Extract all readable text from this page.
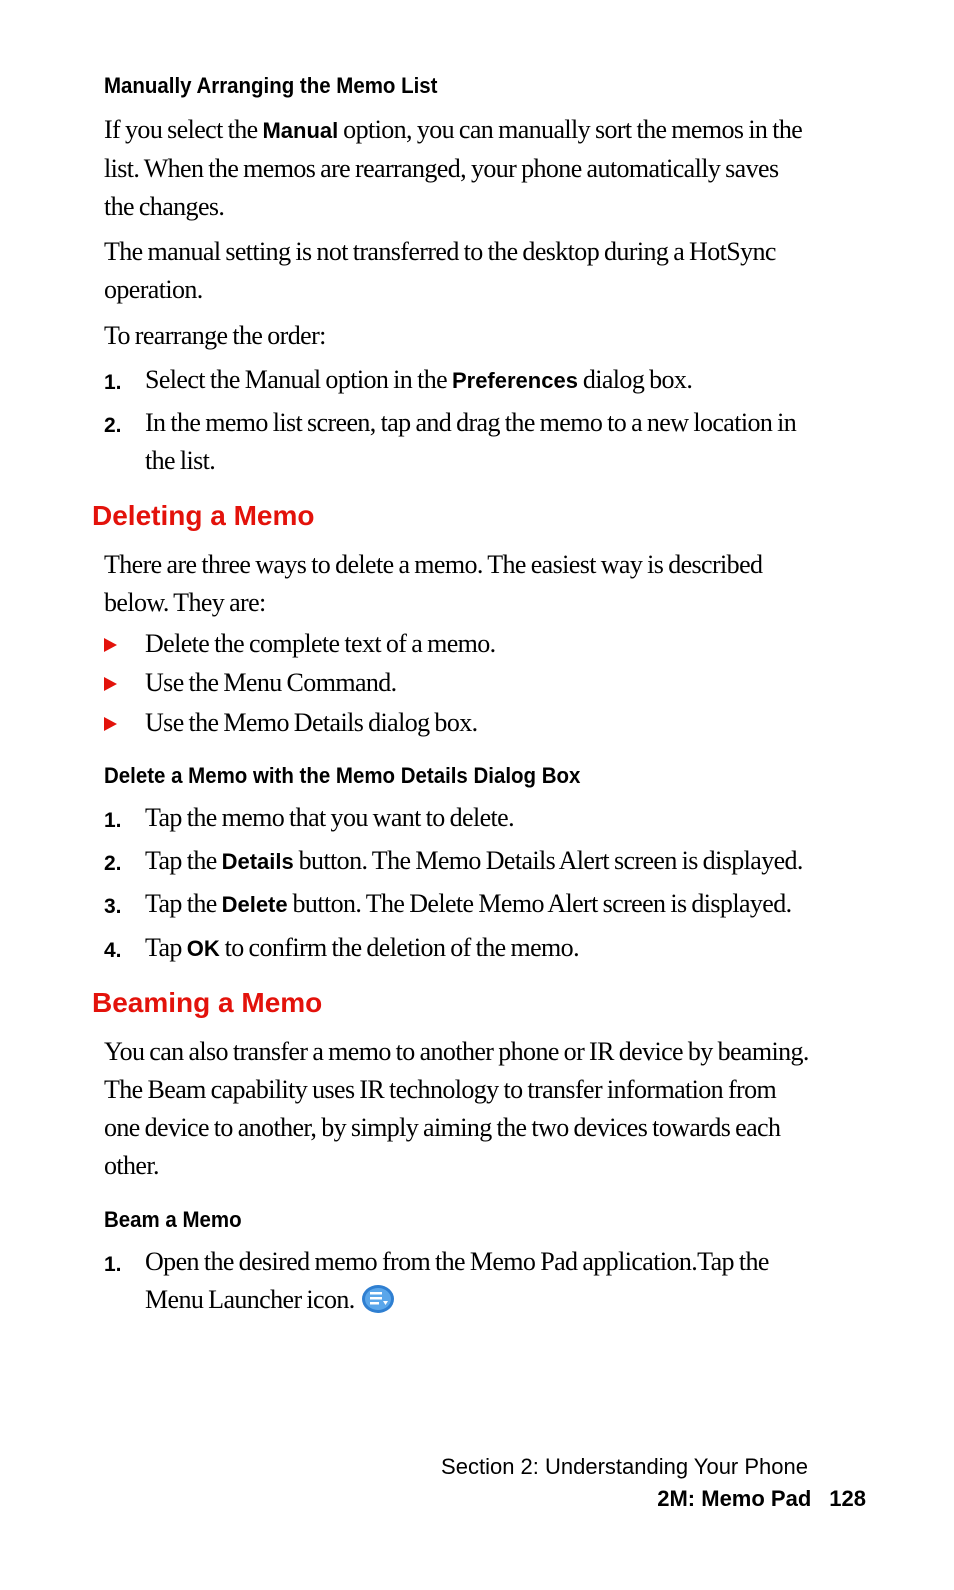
Manually Arranging the Memo List
If you select the Manual option, you can manually sort the memos in the list. When the memos are rearranged, your phone automatically saves the changes.
The manual setting is not transferred to the desktop during a HotSync operation.
To rearrange the order:
1. Select the Manual option in the Preferences dialog box.
2. In the memo list screen, tap and drag the memo to a new location in the list.
Deleting a Memo
There are three ways to delete a memo. The easiest way is described below. They are:
Delete the complete text of a memo.
Use the Menu Command.
Use the Memo Details dialog box.
Delete a Memo with the Memo Details Dialog Box
1. Tap the memo that you want to delete.
2. Tap the Details button. The Memo Details Alert screen is displayed.
3. Tap the Delete button. The Delete Memo Alert screen is displayed.
4. Tap OK to confirm the deletion of the memo.
Beaming a Memo
You can also transfer a memo to another phone or IR device by beaming. The Beam capability uses IR technology to transfer information from one device to another, by simply aiming the two devices towards each other.
Beam a Memo
1. Open the desired memo from the Memo Pad application.Tap the Menu Launcher icon.
Section 2: Understanding Your Phone
2M: Memo Pad 128
